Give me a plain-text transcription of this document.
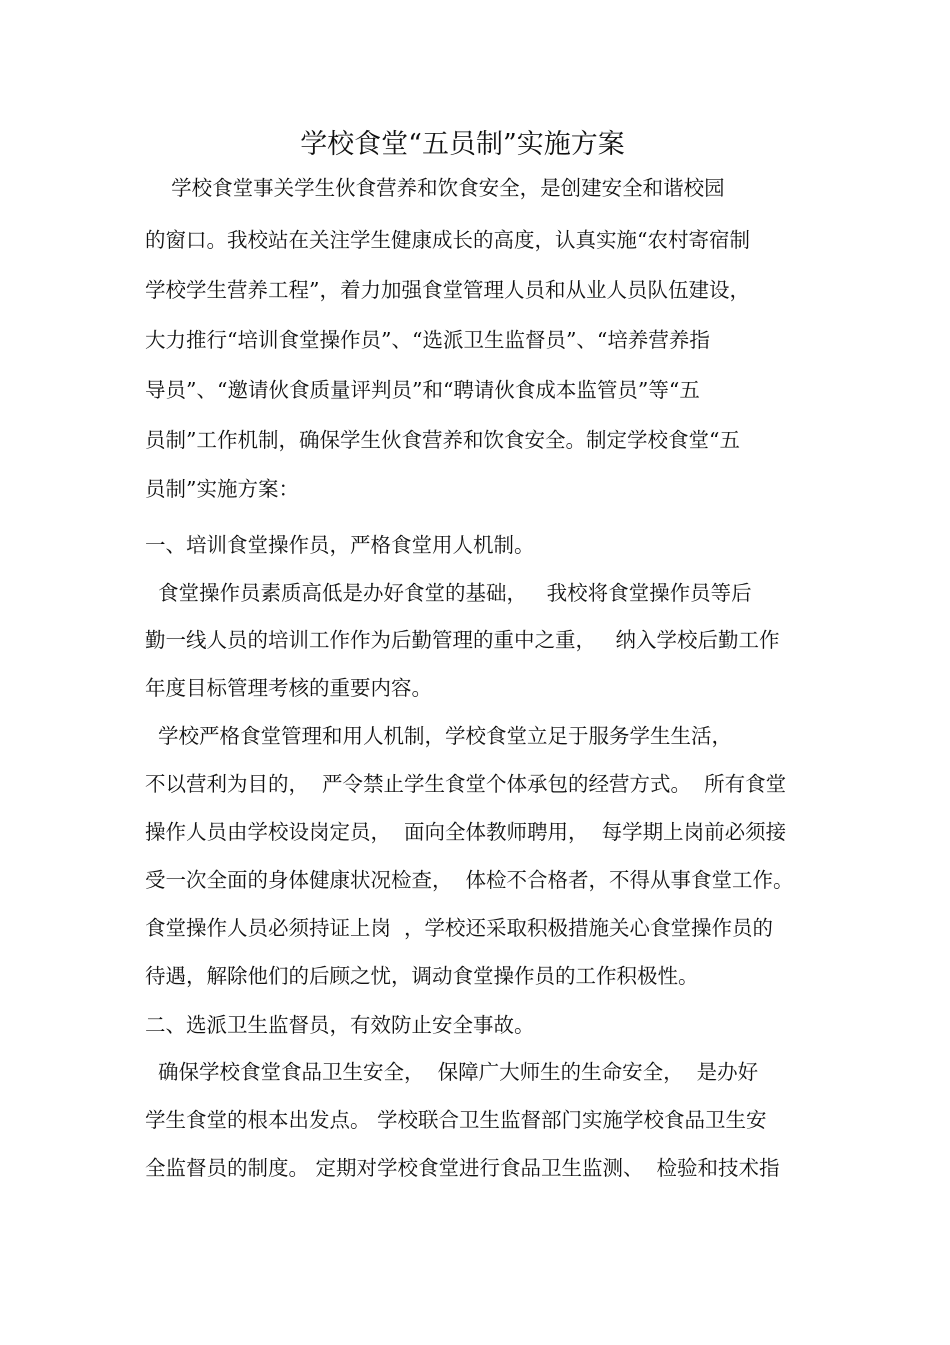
学校食堂“五员制”实施方案

学校食堂事关学生伙食营养和饮食安全，是创建安全和谐校园

的窗口。我校站在关注学生健康成长的高度，认真实施“农村寄宿制

学校学生营养工程”，着力加强食堂管理人员和从业人员队伍建设，

大力推行“培训食堂操作员”、“选派卫生监督员”、“培养营养指

导员”、“邀请伙食质量评判员”和“聘请伙食成本监管员”等“五

员制”工作机制，确保学生伙食营养和饮食安全。制定学校食堂“五

员制”实施方案：

一、培训食堂操作员，严格食堂用人机制。

食堂操作员素质高低是办好食堂的基础，   我校将食堂操作员等后

勤一线人员的培训工作作为后勤管理的重中之重，   纳入学校后勤工作

年度目标管理考核的重要内容。

学校严格食堂管理和用人机制，学校食堂立足于服务学生生活，

不以营利为目的，  严令禁止学生食堂个体承包的经营方式。  所有食堂

操作人员由学校设岗定员，  面向全体教师聘用，  每学期上岗前必须接

受一次全面的身体健康状况检查，  体检不合格者，不得从事食堂工作。

食堂操作人员必须持证上岗  ，学校还采取积极措施关心食堂操作员的

待遇，解除他们的后顾之忧，调动食堂操作员的工作积极性。

二、选派卫生监督员，有效防止安全事故。

确保学校食堂食品卫生安全，  保障广大师生的生命安全，  是办好

学生食堂的根本出发点。 学校联合卫生监督部门实施学校食品卫生安

全监督员的制度。 定期对学校食堂进行食品卫生监测、  检验和技术指
